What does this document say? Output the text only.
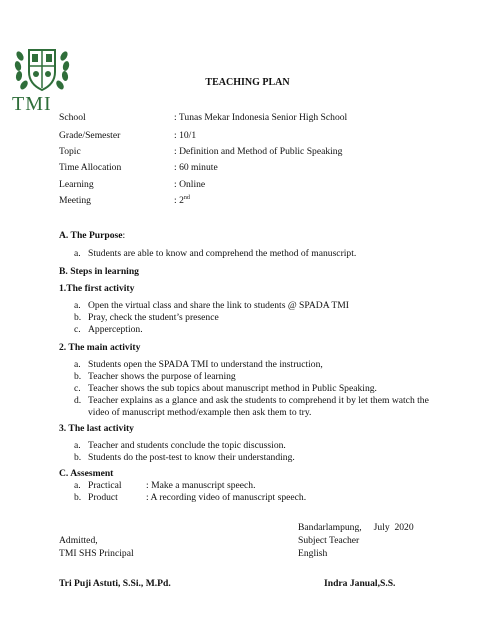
TMI
TEACHING PLAN
School	: Tunas Mekar Indonesia Senior High School
Grade/Semester	: 10/1
Topic	: Definition and Method of Public Speaking
Time Allocation	: 60 minute
Learning	: Online
Meeting	: 2nd
A. The Purpose:
a. Students are able to know and comprehend the method of manuscript.
B. Steps in learning
1.The first activity
a. Open the virtual class and share the link to students @ SPADA TMI
b. Pray, check the student’s presence
c. Apperception.
2. The main activity
a. Students open the SPADA TMI to understand the instruction,
b. Teacher shows the purpose of learning
c. Teacher shows the sub topics about manuscript method in Public Speaking.
d. Teacher explains as a glance and ask the students to comprehend it by let them watch the video of manuscript method/example then ask them to try.
3. The last activity
a. Teacher and students conclude the topic discussion.
b. Students do the post-test to know their understanding.
C. Assesment
a. Practical	: Make a manuscript speech.
b. Product	: A recording video of manuscript speech.
Bandarlampung,     July  2020
Subject Teacher
English
Admitted,
TMI SHS Principal
Tri Puji Astuti, S.Si., M.Pd.	Indra Janual,S.S.
